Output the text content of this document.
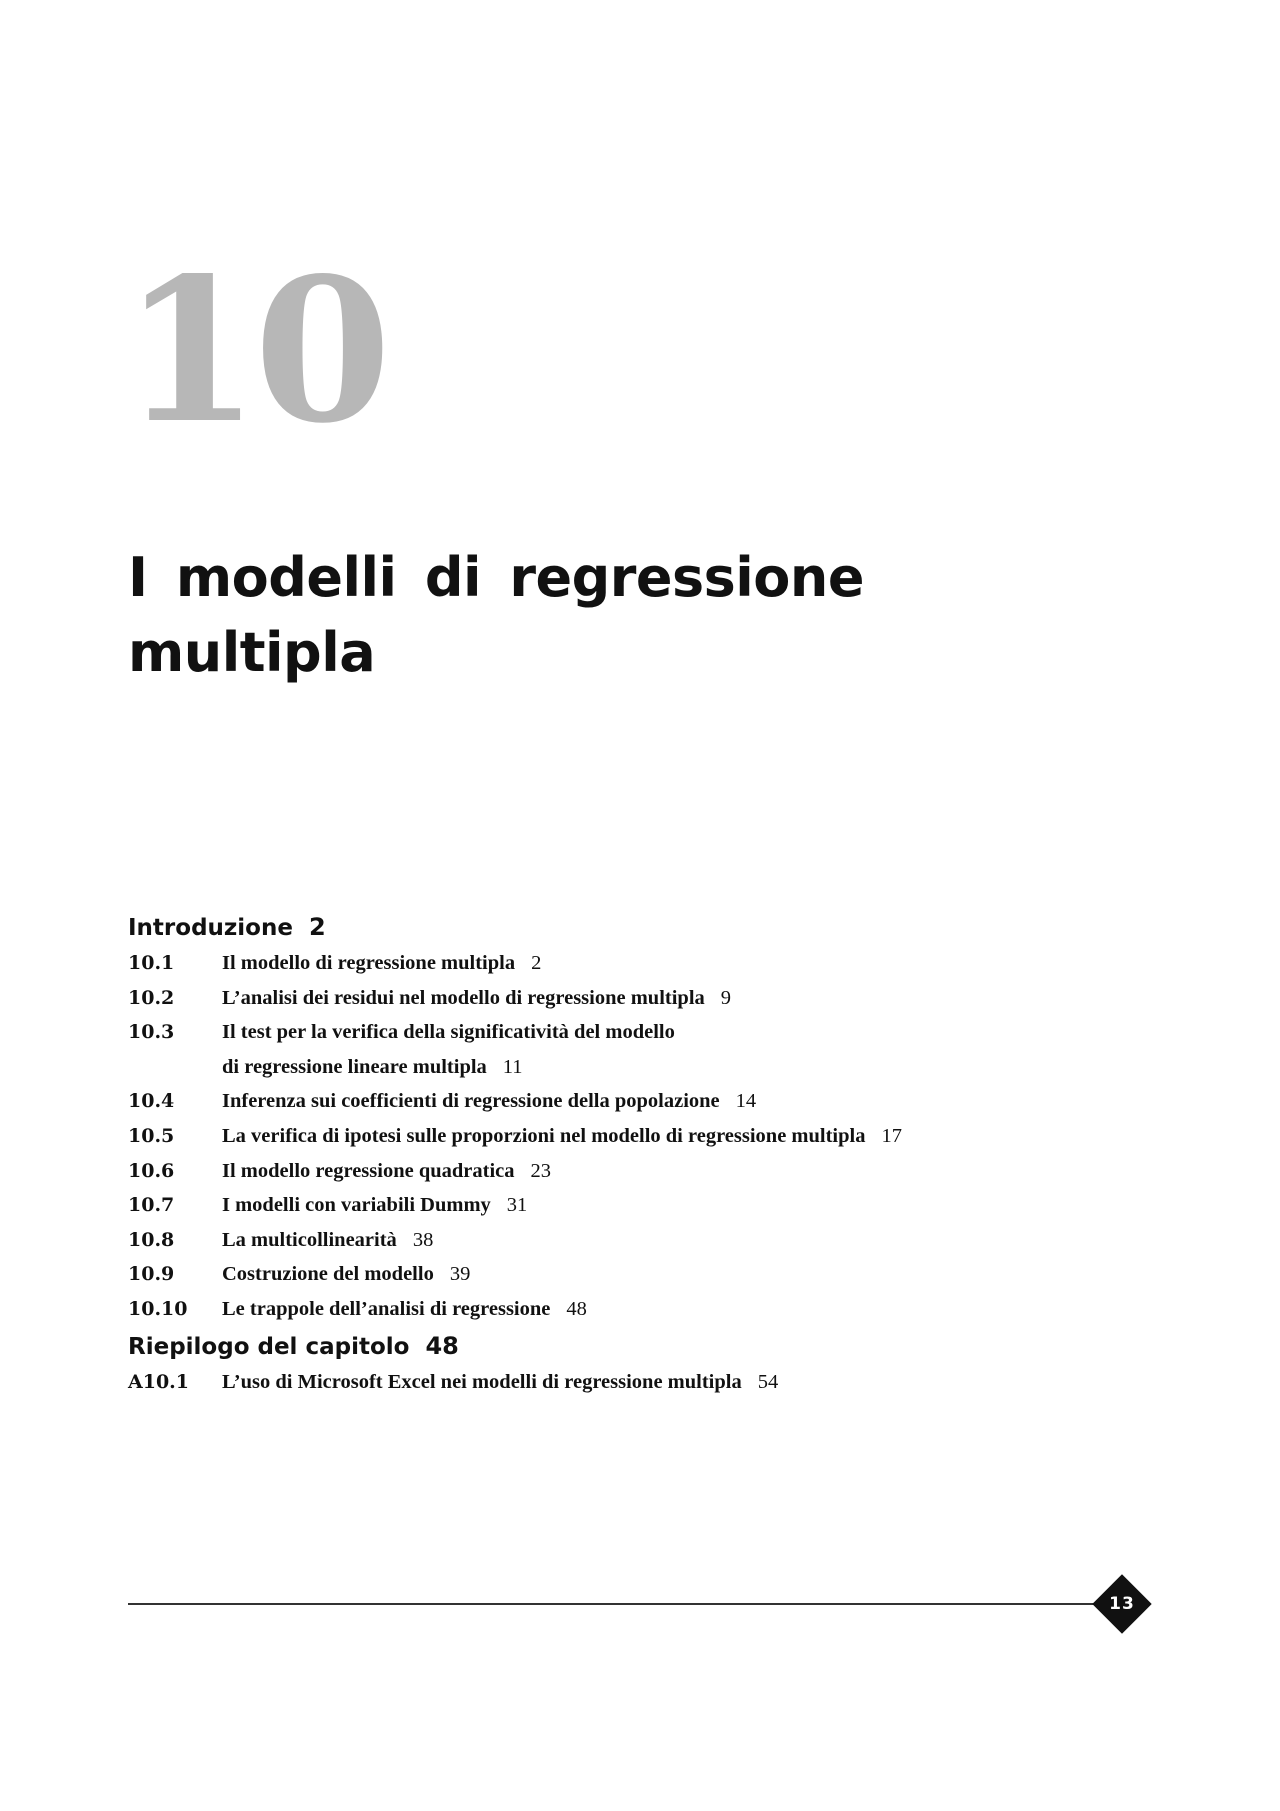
10
I modelli di regressione
multipla
Introduzione 2
10.1	Il modello di regressione multipla 2
10.2	L’analisi dei residui nel modello di regressione multipla 9
10.3	Il test per la verifica della significatività del modello
di regressione lineare multipla 11
10.4	Inferenza sui coefficienti di regressione della popolazione 14
10.5	La verifica di ipotesi sulle proporzioni nel modello di regressione multipla 17
10.6	Il modello regressione quadratica 23
10.7	I modelli con variabili Dummy 31
10.8	La multicollinearità 38
10.9	Costruzione del modello 39
10.10	Le trappole dell’analisi di regressione 48
Riepilogo del capitolo 48
A10.1	L’uso di Microsoft Excel nei modelli di regressione multipla 54
13
